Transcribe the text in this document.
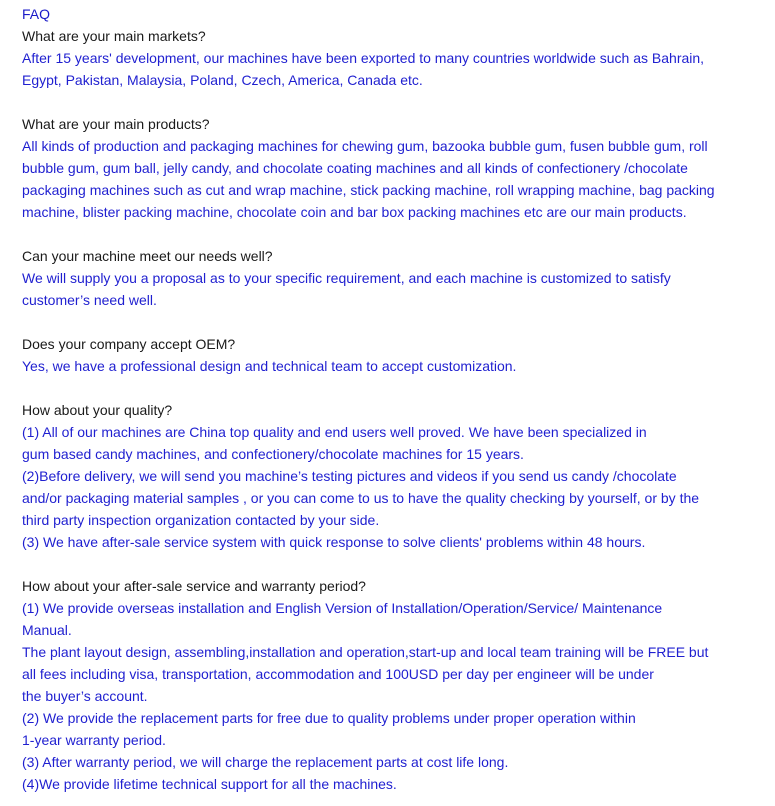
FAQ
What are your main markets?
After 15 years' development, our machines have been exported to many countries worldwide such as Bahrain,
Egypt, Pakistan, Malaysia, Poland, Czech, America, Canada etc.
What are your main products?
All kinds of production and packaging machines for chewing gum, bazooka bubble gum, fusen bubble gum, roll
bubble gum, gum ball, jelly candy, and chocolate coating machines and all kinds of confectionery /chocolate
packaging machines such as cut and wrap machine, stick packing machine, roll wrapping machine, bag packing
machine, blister packing machine, chocolate coin and bar box packing machines etc are our main products.
Can your machine meet our needs well?
We will supply you a proposal as to your specific requirement, and each machine is customized to satisfy
customer’s need well.
Does your company accept OEM?
Yes, we have a professional design and technical team to accept customization.
How about your quality?
(1) All of our machines are China top quality and end users well proved. We have been specialized in
gum based candy machines, and confectionery/chocolate machines for 15 years.
(2)Before delivery, we will send you machine’s testing pictures and videos if you send us candy /chocolate
and/or packaging material samples , or you can come to us to have the quality checking by yourself, or by the
third party inspection organization contacted by your side.
(3) We have after-sale service system with quick response to solve clients' problems within 48 hours.
How about your after-sale service and warranty period?
(1) We provide overseas installation and English Version of Installation/Operation/Service/ Maintenance
Manual.
The plant layout design, assembling,installation and operation,start-up and local team training will be FREE but
all fees including visa, transportation, accommodation and 100USD per day per engineer will be under
the buyer’s account.
(2) We provide the replacement parts for free due to quality problems under proper operation within
1-year warranty period.
(3) After warranty period, we will charge the replacement parts at cost life long.
(4)We provide lifetime technical support for all the machines.
